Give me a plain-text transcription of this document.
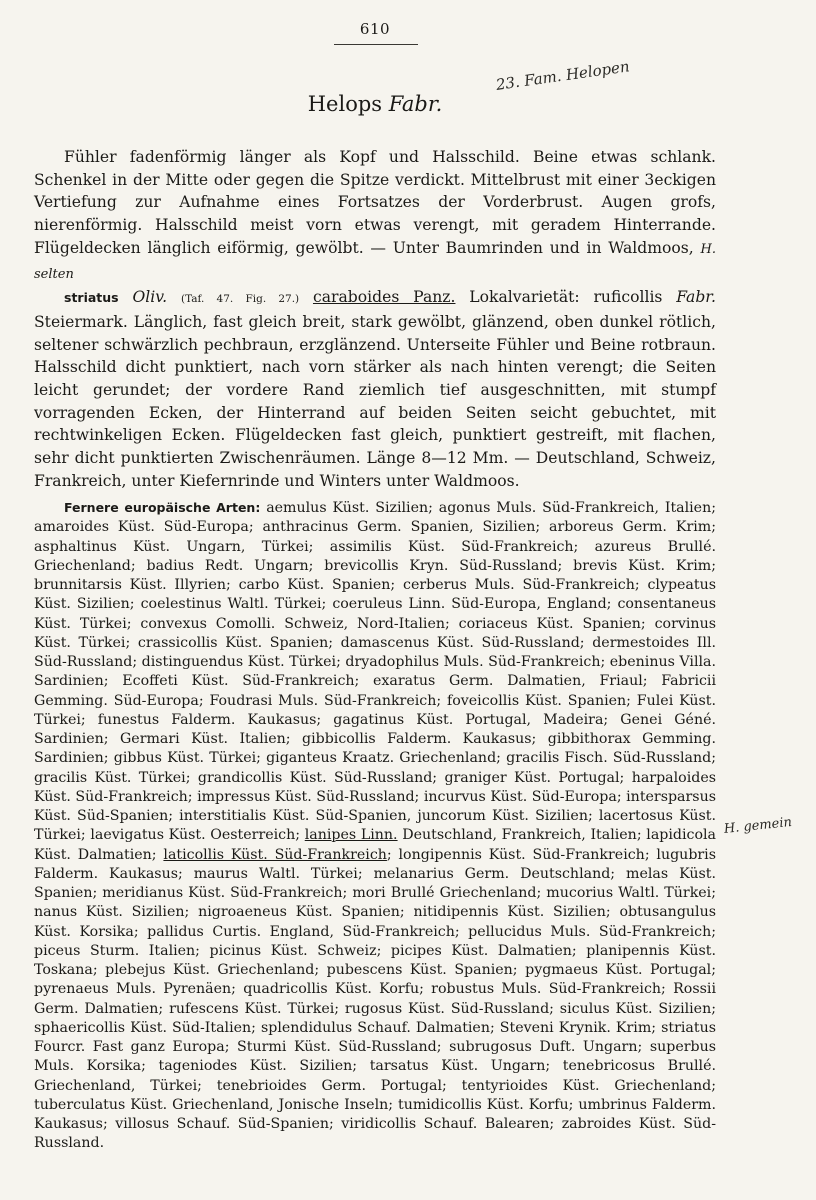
610
Helops Fabr.
23. Fam. Helopen

Fühler fadenförmig länger als Kopf und Halsschild. Beine etwas schlank. Schenkel in der Mitte oder gegen die Spitze verdickt. Mittelbrust mit einer 3eckigen Vertiefung zur Aufnahme eines Fortsatzes der Vorderbrust. Augen grofs, nierenförmig. Halsschild meist vorn etwas verengt, mit geradem Hinterrande. Flügeldecken länglich eiförmig, gewölbt. — Unter Baumrinden und in Waldmoos, H. selten

striatus Oliv. (Taf. 47. Fig. 27.) caraboides Panz. Lokalvarietät: ruficollis Fabr. Steiermark. Länglich, fast gleich breit, stark gewölbt, glänzend, oben dunkel rötlich, seltener schwärzlich pechbraun, erzglänzend. Unterseite Fühler und Beine rotbraun. Halsschild dicht punktiert, nach vorn stärker als nach hinten verengt; die Seiten leicht gerundet; der vordere Rand ziemlich tief ausgeschnitten, mit stumpf vorragenden Ecken, der Hinterrand auf beiden Seiten seicht gebuchtet, mit rechtwinkeligen Ecken. Flügeldecken fast gleich, punktiert gestreift, mit flachen, sehr dicht punktierten Zwischenräumen. Länge 8—12 Mm. — Deutschland, Schweiz, Frankreich, unter Kiefernrinde und Winters unter Waldmoos.

Fernere europäische Arten: aemulus Küst. Sizilien; agonus Muls. Süd-Frankreich, Italien; amaroides Küst. Süd-Europa; anthracinus Germ. Spanien, Sizilien; arboreus Germ. Krim; asphaltinus Küst. Ungarn, Türkei; assimilis Küst. Süd-Frankreich; azureus Brullé. Griechenland; badius Redt. Ungarn; brevicollis Kryn. Süd-Russland; brevis Küst. Krim; brunnitarsis Küst. Illyrien; carbo Küst. Spanien; cerberus Muls. Süd-Frankreich; clypeatus Küst. Sizilien; coelestinus Waltl. Türkei; coeruleus Linn. Süd-Europa, England; consentaneus Küst. Türkei; convexus Comolli. Schweiz, Nord-Italien; coriaceus Küst. Spanien; corvinus Küst. Türkei; crassicollis Küst. Spanien; damascenus Küst. Süd-Russland; dermestoides Ill. Süd-Russland; distinguendus Küst. Türkei; dryadophilus Muls. Süd-Frankreich; ebeninus Villa. Sardinien; Ecoffeti Küst. Süd-Frankreich; exaratus Germ. Dalmatien, Friaul; Fabricii Gemming. Süd-Europa; Foudrasi Muls. Süd-Frankreich; foveicollis Küst. Spanien; Fulei Küst. Türkei; funestus Falderm. Kaukasus; gagatinus Küst. Portugal, Madeira; Genei Géné. Sardinien; Germari Küst. Italien; gibbicollis Falderm. Kaukasus; gibbithorax Gemming. Sardinien; gibbus Küst. Türkei; giganteus Kraatz. Griechenland; gracilis Fisch. Süd-Russland; gracilis Küst. Türkei; grandicollis Küst. Süd-Russland; graniger Küst. Portugal; harpaloides Küst. Süd-Frankreich; impressus Küst. Süd-Russland; incurvus Küst. Süd-Europa; intersparsus Küst. Süd-Spanien; interstitialis Küst. Süd-Spanien, juncorum Küst. Sizilien; lacertosus Küst. Türkei; laevigatus Küst. Oesterreich; lanipes Linn. Deutschland, Frankreich, Italien; lapidicola Küst. Dalmatien; laticollis Küst. Süd-Frankreich; longipennis Küst. Süd-Frankreich; lugubris Falderm. Kaukasus; maurus Waltl. Türkei; melanarius Germ. Deutschland; melas Küst. Spanien; meridianus Küst. Süd-Frankreich; mori Brullé Griechenland; mucorius Waltl. Türkei; nanus Küst. Sizilien; nigroaeneus Küst. Spanien; nitidipennis Küst. Sizilien; obtusangulus Küst. Korsika; pallidus Curtis. England, Süd-Frankreich; pellucidus Muls. Süd-Frankreich; piceus Sturm. Italien; picinus Küst. Schweiz; picipes Küst. Dalmatien; planipennis Küst. Toskana; plebejus Küst. Griechenland; pubescens Küst. Spanien; pygmaeus Küst. Portugal; pyrenaeus Muls. Pyrenäen; quadricollis Küst. Korfu; robustus Muls. Süd-Frankreich; Rossii Germ. Dalmatien; rufescens Küst. Türkei; rugosus Küst. Süd-Russland; siculus Küst. Sizilien; sphaericollis Küst. Süd-Italien; splendidulus Schauf. Dalmatien; Steveni Krynik. Krim; striatus Fourcr. Fast ganz Europa; Sturmi Küst. Süd-Russland; subrugosus Duft. Ungarn; superbus Muls. Korsika; tageniodes Küst. Sizilien; tarsatus Küst. Ungarn; tenebricosus Brullé. Griechenland, Türkei; tenebrioides Germ. Portugal; tentyrioides Küst. Griechenland; tuberculatus Küst. Griechenland, Jonische Inseln; tumidicollis Küst. Korfu; umbrinus Falderm. Kaukasus; villosus Schauf. Süd-Spanien; viridicollis Schauf. Balearen; zabroides Küst. Süd-Russland.

H. gemein
